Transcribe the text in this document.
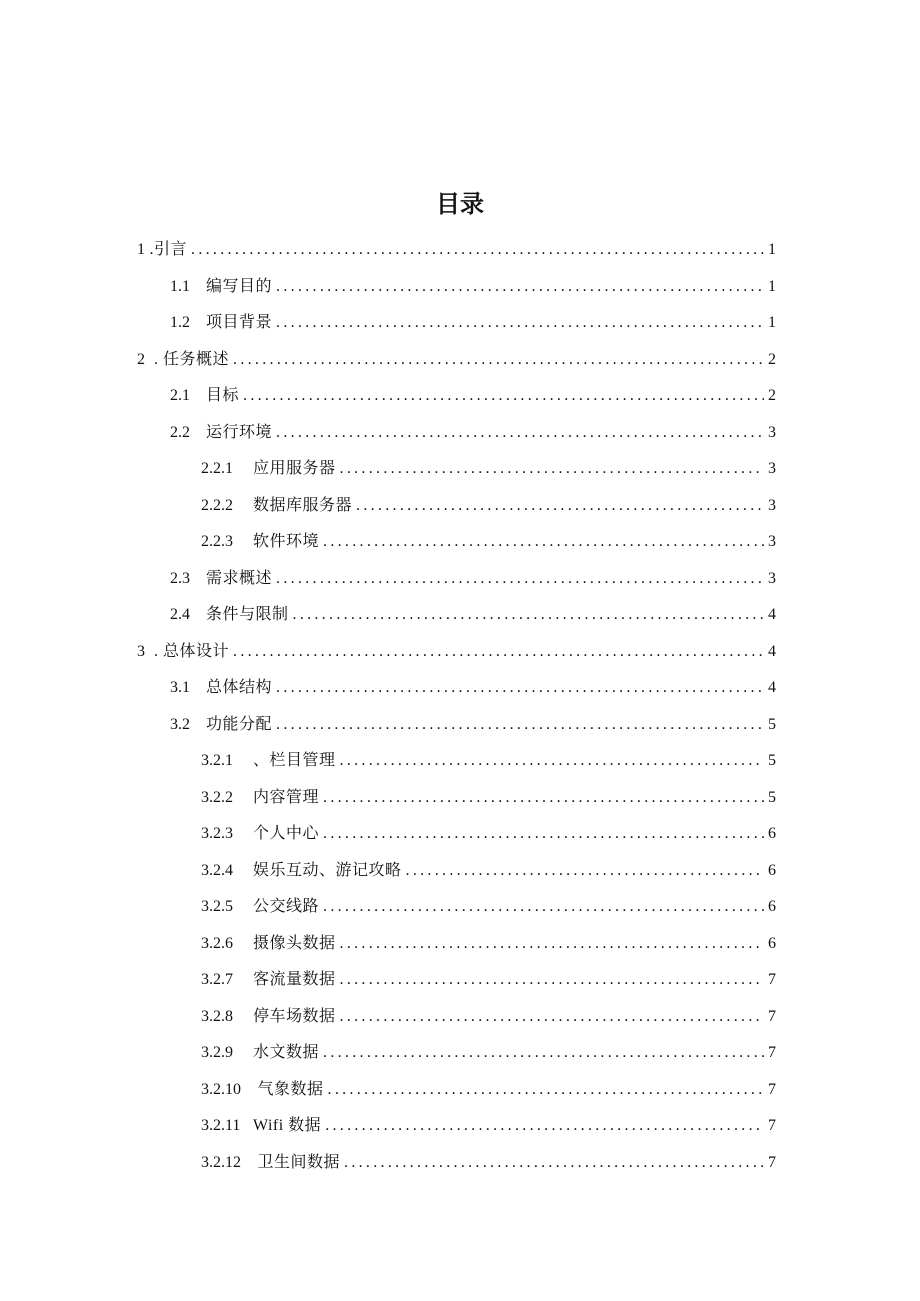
目录
1 .引言 .....	1
1.1	编写目的 .....	1
1.2	项目背景 .....	1
2 . 任务概述 .....	2
2.1	目标 .....	2
2.2	运行环境 .....	3
2.2.1	应用服务器 .....	3
2.2.2	数据库服务器 .....	3
2.2.3	软件环境 .....	3
2.3	需求概述 .....	3
2.4	条件与限制 .....	4
3 . 总体设计 .....	4
3.1	总体结构 .....	4
3.2	功能分配 .....	5
3.2.1	、栏目管理 .....	5
3.2.2	内容管理 .....	5
3.2.3	个人中心 .....	6
3.2.4	娱乐互动、游记攻略 .....	6
3.2.5	公交线路 .....	6
3.2.6	摄像头数据 .....	6
3.2.7	客流量数据 .....	7
3.2.8	停车场数据 .....	7
3.2.9	水文数据 .....	7
3.2.10 气象数据 .....	7
3.2.11 Wifi 数据 .....	7
3.2.12 卫生间数据 .....	7
